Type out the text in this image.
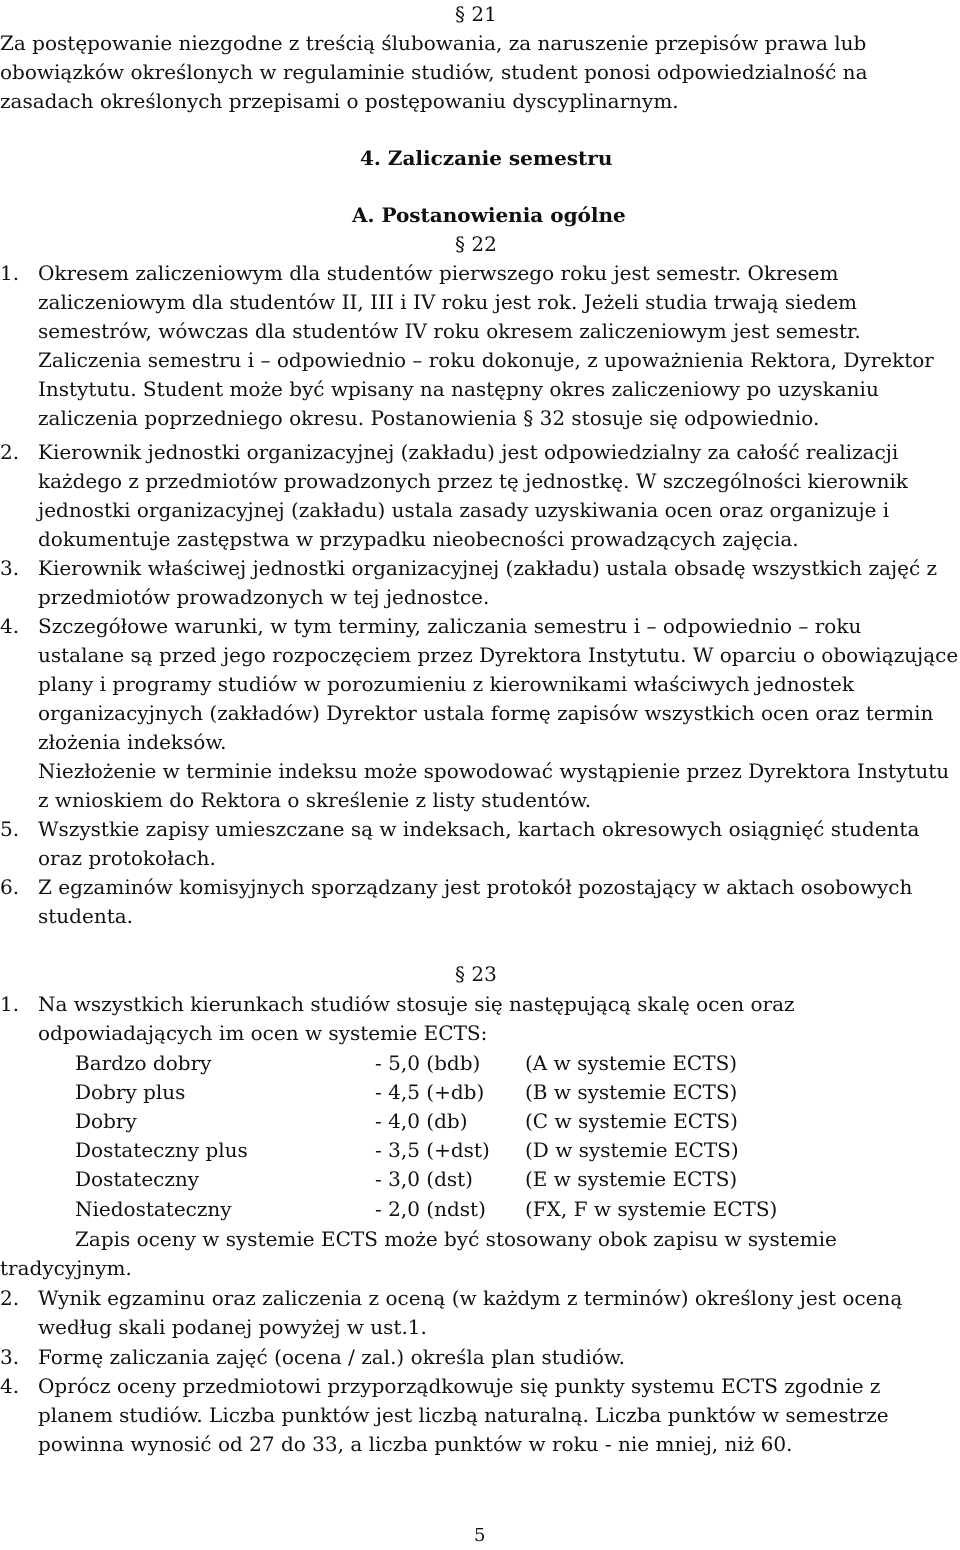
§ 21
Za postępowanie niezgodne z treścią ślubowania, za naruszenie przepisów prawa lub
obowiązków określonych w regulaminie studiów, student ponosi odpowiedzialność na
zasadach określonych przepisami o postępowaniu dyscyplinarnym.
4. Zaliczanie semestru
A. Postanowienia ogólne
§ 22
1. Okresem zaliczeniowym dla studentów pierwszego roku jest semestr. Okresem
zaliczeniowym dla studentów II, III i IV roku jest rok. Jeżeli studia trwają siedem
semestrów, wówczas dla studentów IV roku okresem zaliczeniowym jest semestr.
Zaliczenia semestru i – odpowiednio – roku dokonuje, z upoważnienia Rektora, Dyrektor
Instytutu. Student może być wpisany na następny okres zaliczeniowy po uzyskaniu
zaliczenia poprzedniego okresu. Postanowienia § 32 stosuje się odpowiednio.
2. Kierownik jednostki organizacyjnej (zakładu) jest odpowiedzialny za całość realizacji
każdego z przedmiotów prowadzonych przez tę jednostkę. W szczególności kierownik
jednostki organizacyjnej (zakładu) ustala zasady uzyskiwania ocen oraz organizuje i
dokumentuje zastępstwa w przypadku nieobecności prowadzących zajęcia.
3. Kierownik właściwej jednostki organizacyjnej (zakładu) ustala obsadę wszystkich zajęć z
przedmiotów prowadzonych w tej jednostce.
4. Szczegółowe warunki, w tym terminy, zaliczania semestru i – odpowiednio – roku
ustalane są przed jego rozpoczęciem przez Dyrektora Instytutu. W oparciu o obowiązujące
plany i programy studiów w porozumieniu z kierownikami właściwych jednostek
organizacyjnych (zakładów) Dyrektor ustala formę zapisów wszystkich ocen oraz termin
złożenia indeksów.
Niezłożenie w terminie indeksu może spowodować wystąpienie przez Dyrektora Instytutu
z wnioskiem do Rektora o skreślenie z listy studentów.
5. Wszystkie zapisy umieszczane są w indeksach, kartach okresowych osiągnięć studenta
oraz protokołach.
6. Z egzaminów komisyjnych sporządzany jest protokół pozostający w aktach osobowych
studenta.
§ 23
1. Na wszystkich kierunkach studiów stosuje się następującą skalę ocen oraz
odpowiadających im ocen w systemie ECTS:
Bardzo dobry	- 5,0 (bdb) (A w systemie ECTS)
Dobry plus	- 4,5 (+db) (B w systemie ECTS)
Dobry	- 4,0 (db)	(C w systemie ECTS)
Dostateczny plus	- 3,5 (+dst) (D w systemie ECTS)
Dostateczny	- 3,0 (dst)	(E w systemie ECTS)
Niedostateczny	- 2,0 (ndst) (FX, F w systemie ECTS)
Zapis oceny w systemie ECTS może być stosowany obok zapisu w systemie
tradycyjnym.
2. Wynik egzaminu oraz zaliczenia z oceną (w każdym z terminów) określony jest oceną
według skali podanej powyżej w ust.1.
3. Formę zaliczania zajęć (ocena / zal.) określa plan studiów.
4. Oprócz oceny przedmiotowi przyporządkowuje się punkty systemu ECTS zgodnie z
planem studiów. Liczba punktów jest liczbą naturalną. Liczba punktów w semestrze
powinna wynosić od 27 do 33, a liczba punktów w roku - nie mniej, niż 60.
5
